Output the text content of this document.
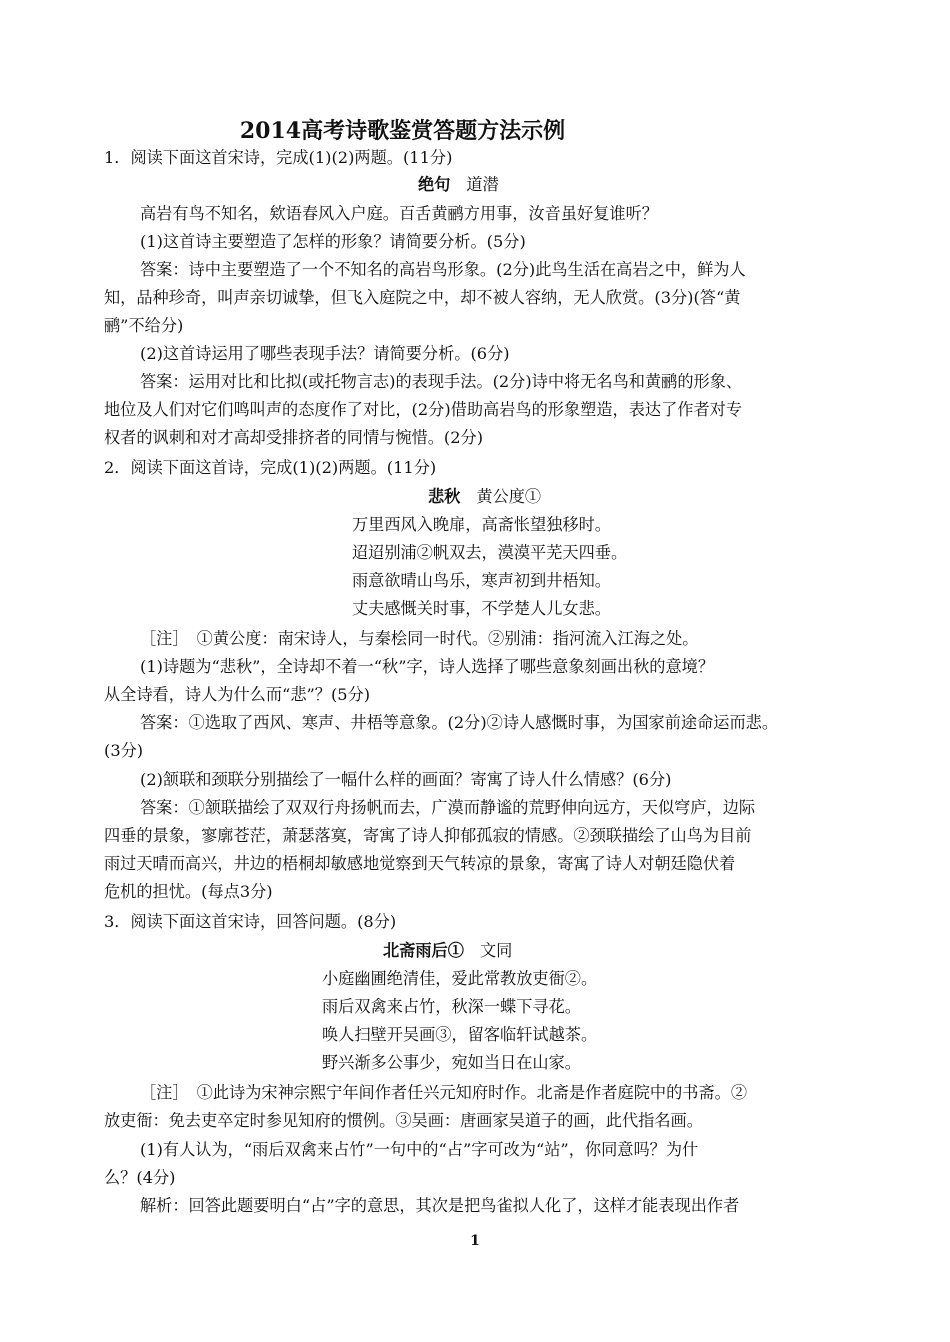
2014高考诗歌鉴赏答题方法示例
1．阅读下面这首宋诗，完成(1)(2)两题。(11分)
绝句 道潜
高岩有鸟不知名，欸语春风入户庭。百舌黄鹂方用事，汝音虽好复谁听？
(1)这首诗主要塑造了怎样的形象？请简要分析。(5分)
答案：诗中主要塑造了一个不知名的高岩鸟形象。(2分)此鸟生活在高岩之中，鲜为人
知，品种珍奇，叫声亲切诚挚，但飞入庭院之中，却不被人容纳，无人欣赏。(3分)(答“黄
鹂”不给分)
(2)这首诗运用了哪些表现手法？请简要分析。(6分)
答案：运用对比和比拟(或托物言志)的表现手法。(2分)诗中将无名鸟和黄鹂的形象、
地位及人们对它们鸣叫声的态度作了对比，(2分)借助高岩鸟的形象塑造，表达了作者对专
权者的讽刺和对才高却受排挤者的同情与惋惜。(2分)
2．阅读下面这首诗，完成(1)(2)两题。(11分)
悲秋 黄公度①
万里西风入晚扉，高斋怅望独移时。
迢迢别浦②帆双去，漠漠平芜天四垂。
雨意欲晴山鸟乐，寒声初到井梧知。
丈夫感慨关时事，不学楚人儿女悲。
［注］　①黄公度：南宋诗人，与秦桧同一时代。②别浦：指河流入江海之处。
(1)诗题为“悲秋”，全诗却不着一“秋”字，诗人选择了哪些意象刻画出秋的意境？
从全诗看，诗人为什么而“悲”？(5分)
答案：①选取了西风、寒声、井梧等意象。(2分)②诗人感慨时事，为国家前途命运而悲。
(3分)
(2)颔联和颈联分别描绘了一幅什么样的画面？寄寓了诗人什么情感？(6分)
答案：①颔联描绘了双双行舟扬帆而去，广漠而静谧的荒野伸向远方，天似穹庐，边际
四垂的景象，寥廓苍茫，萧瑟落寞，寄寓了诗人抑郁孤寂的情感。②颈联描绘了山鸟为目前
雨过天晴而高兴，井边的梧桐却敏感地觉察到天气转凉的景象，寄寓了诗人对朝廷隐伏着
危机的担忧。(每点3分)
3．阅读下面这首宋诗，回答问题。(8分)
北斋雨后① 文同
小庭幽圃绝清佳，爱此常教放吏衙②。
雨后双禽来占竹，秋深一蝶下寻花。
唤人扫壁开吴画③，留客临轩试越茶。
野兴渐多公事少，宛如当日在山家。
［注］　①此诗为宋神宗熙宁年间作者任兴元知府时作。北斋是作者庭院中的书斋。②
放吏衙：免去吏卒定时参见知府的惯例。③吴画：唐画家吴道子的画，此代指名画。
(1)有人认为，“雨后双禽来占竹”一句中的“占”字可改为“站”，你同意吗？为什
么？(4分)
解析：回答此题要明白“占”字的意思，其次是把鸟雀拟人化了，这样才能表现出作者
1
